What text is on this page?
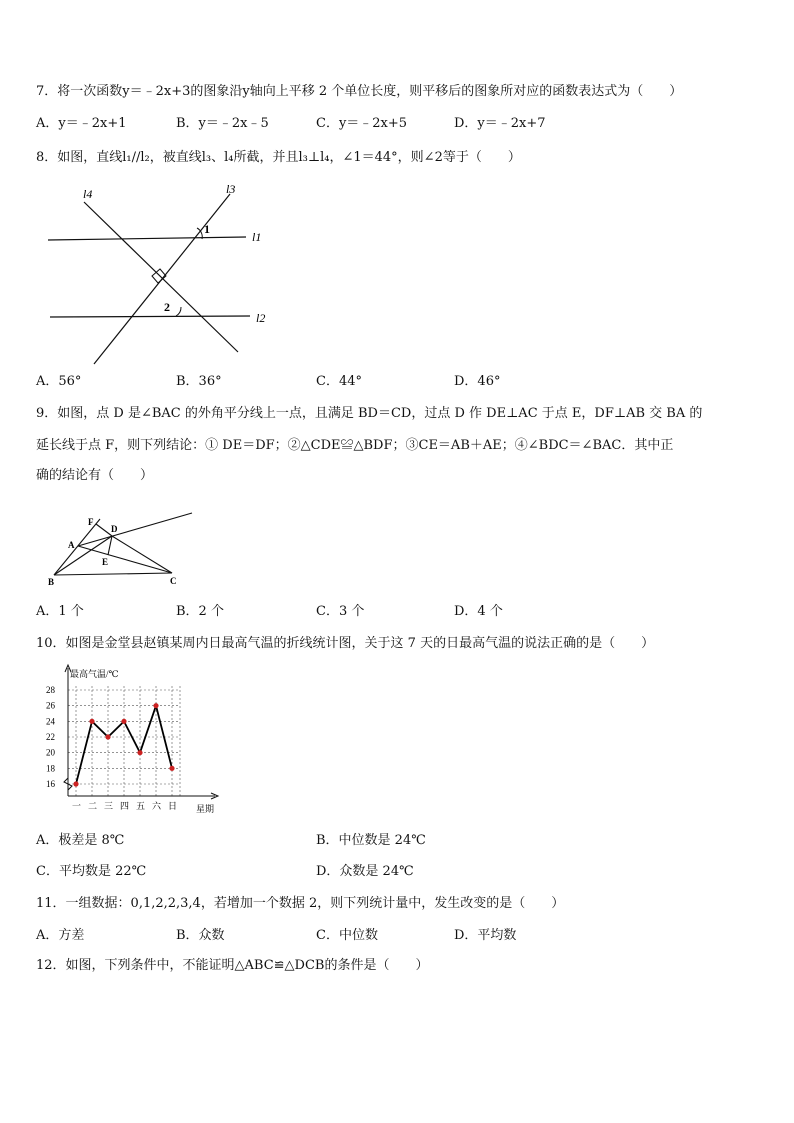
7．将一次函数y＝﹣2x+3的图象沿y轴向上平移 2 个单位长度，则平移后的图象所对应的函数表达式为（　　）
A．y＝﹣2x+1	B．y＝﹣2x﹣5	C．y＝﹣2x+5	D．y＝﹣2x+7
8．如图，直线l₁//l₂，被直线l₃、l₄所截，并且l₃⊥l₄，∠1＝44°，则∠2等于（　　）
l4	l3
l1
l2
1
2
A．56°	B．36°	C．44°	D．46°
9．如图，点 D 是∠BAC 的外角平分线上一点，且满足 BD＝CD，过点 D 作 DE⊥AC 于点 E，DF⊥AB 交 BA 的
延长线于点 F，则下列结论：① DE＝DF；②△CDE≌△BDF；③CE＝AB＋AE；④∠BDC＝∠BAC．其中正
确的结论有（　　）
F
D
A
E
B	C
A．1 个	B．2 个	C．3 个	D．4 个
10．如图是金堂县赵镇某周内日最高气温的折线统计图，关于这 7 天的日最高气温的说法正确的是（　　）
最高气温/℃
星期
16
18
20
22
24
26
28
一 二 三 四 五 六 日
A．极差是 8℃	B．中位数是 24℃
C．平均数是 22℃	D．众数是 24℃
11．一组数据：0,1,2,2,3,4，若增加一个数据 2，则下列统计量中，发生改变的是（　　）
A．方差	B．众数	C．中位数	D．平均数
12．如图，下列条件中，不能证明△ABC≌△DCB的条件是（　　）
